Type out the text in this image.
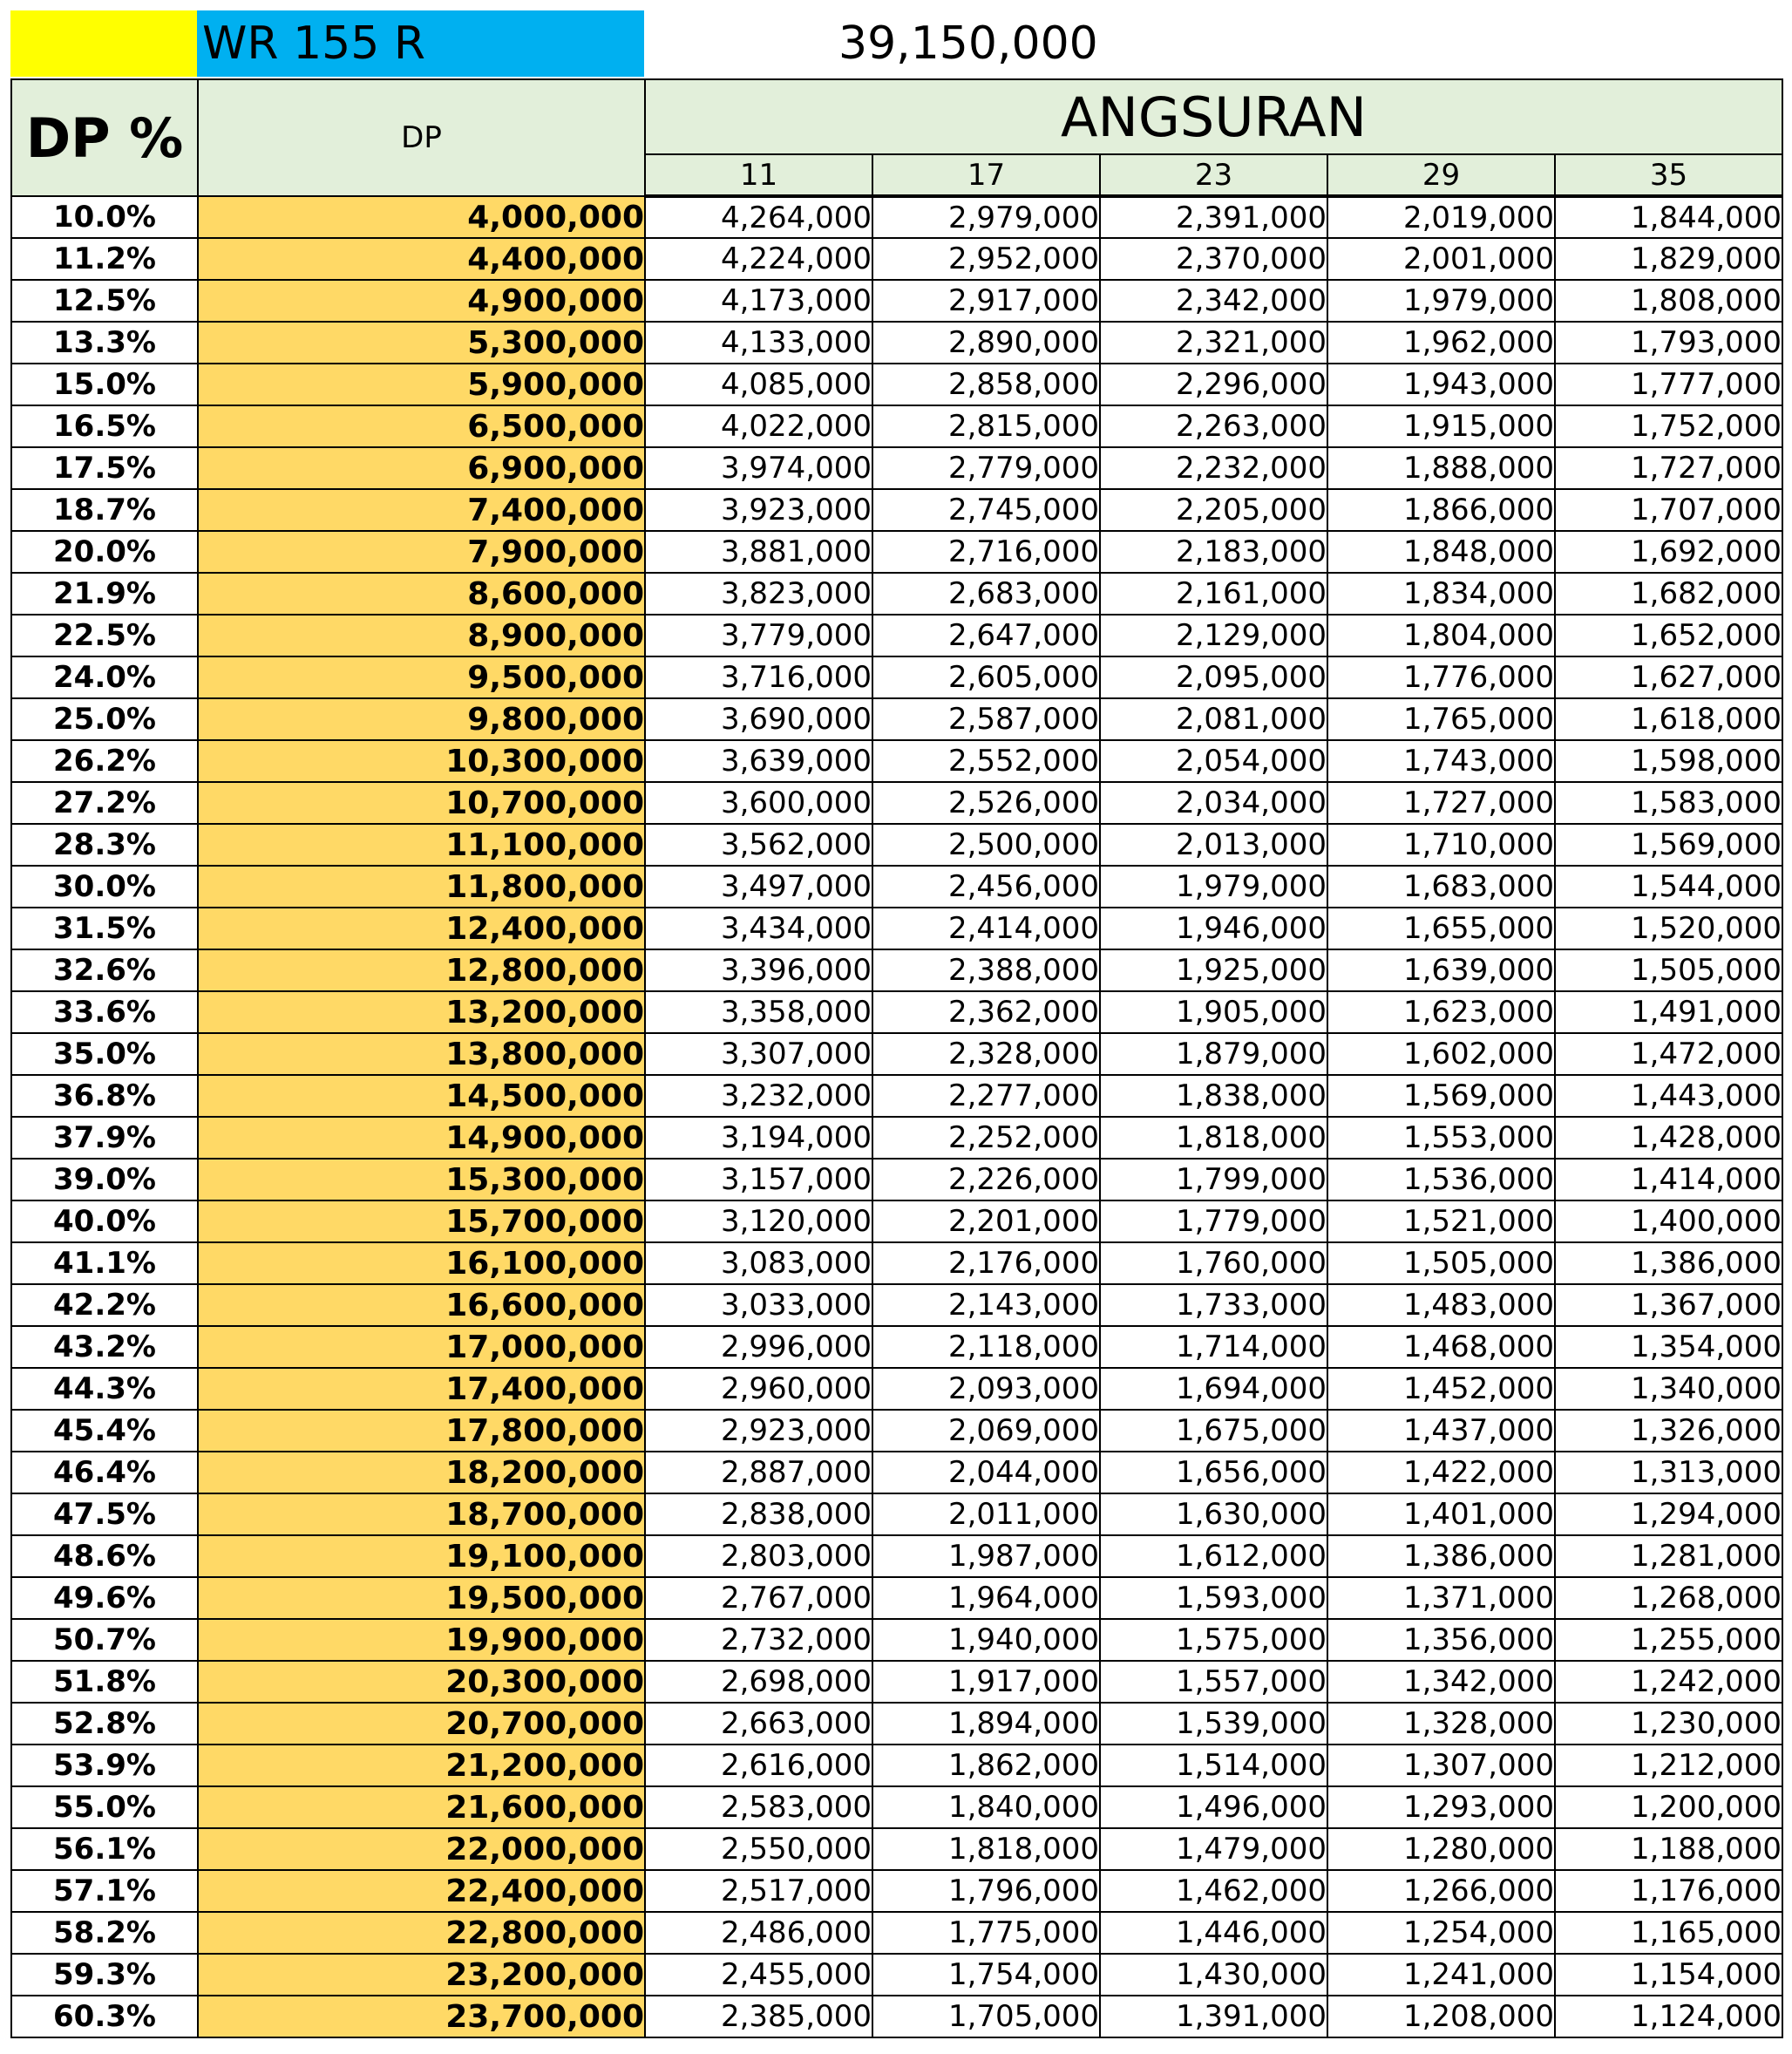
WR 155 R	39,150,000
DP %	DP	ANGSURAN				
		11	17	23	29	35
10.0%	4,000,000	4,264,000	2,979,000	2,391,000	2,019,000	1,844,000
11.2%	4,400,000	4,224,000	2,952,000	2,370,000	2,001,000	1,829,000
12.5%	4,900,000	4,173,000	2,917,000	2,342,000	1,979,000	1,808,000
13.3%	5,300,000	4,133,000	2,890,000	2,321,000	1,962,000	1,793,000
15.0%	5,900,000	4,085,000	2,858,000	2,296,000	1,943,000	1,777,000
16.5%	6,500,000	4,022,000	2,815,000	2,263,000	1,915,000	1,752,000
17.5%	6,900,000	3,974,000	2,779,000	2,232,000	1,888,000	1,727,000
18.7%	7,400,000	3,923,000	2,745,000	2,205,000	1,866,000	1,707,000
20.0%	7,900,000	3,881,000	2,716,000	2,183,000	1,848,000	1,692,000
21.9%	8,600,000	3,823,000	2,683,000	2,161,000	1,834,000	1,682,000
22.5%	8,900,000	3,779,000	2,647,000	2,129,000	1,804,000	1,652,000
24.0%	9,500,000	3,716,000	2,605,000	2,095,000	1,776,000	1,627,000
25.0%	9,800,000	3,690,000	2,587,000	2,081,000	1,765,000	1,618,000
26.2%	10,300,000	3,639,000	2,552,000	2,054,000	1,743,000	1,598,000
27.2%	10,700,000	3,600,000	2,526,000	2,034,000	1,727,000	1,583,000
28.3%	11,100,000	3,562,000	2,500,000	2,013,000	1,710,000	1,569,000
30.0%	11,800,000	3,497,000	2,456,000	1,979,000	1,683,000	1,544,000
31.5%	12,400,000	3,434,000	2,414,000	1,946,000	1,655,000	1,520,000
32.6%	12,800,000	3,396,000	2,388,000	1,925,000	1,639,000	1,505,000
33.6%	13,200,000	3,358,000	2,362,000	1,905,000	1,623,000	1,491,000
35.0%	13,800,000	3,307,000	2,328,000	1,879,000	1,602,000	1,472,000
36.8%	14,500,000	3,232,000	2,277,000	1,838,000	1,569,000	1,443,000
37.9%	14,900,000	3,194,000	2,252,000	1,818,000	1,553,000	1,428,000
39.0%	15,300,000	3,157,000	2,226,000	1,799,000	1,536,000	1,414,000
40.0%	15,700,000	3,120,000	2,201,000	1,779,000	1,521,000	1,400,000
41.1%	16,100,000	3,083,000	2,176,000	1,760,000	1,505,000	1,386,000
42.2%	16,600,000	3,033,000	2,143,000	1,733,000	1,483,000	1,367,000
43.2%	17,000,000	2,996,000	2,118,000	1,714,000	1,468,000	1,354,000
44.3%	17,400,000	2,960,000	2,093,000	1,694,000	1,452,000	1,340,000
45.4%	17,800,000	2,923,000	2,069,000	1,675,000	1,437,000	1,326,000
46.4%	18,200,000	2,887,000	2,044,000	1,656,000	1,422,000	1,313,000
47.5%	18,700,000	2,838,000	2,011,000	1,630,000	1,401,000	1,294,000
48.6%	19,100,000	2,803,000	1,987,000	1,612,000	1,386,000	1,281,000
49.6%	19,500,000	2,767,000	1,964,000	1,593,000	1,371,000	1,268,000
50.7%	19,900,000	2,732,000	1,940,000	1,575,000	1,356,000	1,255,000
51.8%	20,300,000	2,698,000	1,917,000	1,557,000	1,342,000	1,242,000
52.8%	20,700,000	2,663,000	1,894,000	1,539,000	1,328,000	1,230,000
53.9%	21,200,000	2,616,000	1,862,000	1,514,000	1,307,000	1,212,000
55.0%	21,600,000	2,583,000	1,840,000	1,496,000	1,293,000	1,200,000
56.1%	22,000,000	2,550,000	1,818,000	1,479,000	1,280,000	1,188,000
57.1%	22,400,000	2,517,000	1,796,000	1,462,000	1,266,000	1,176,000
58.2%	22,800,000	2,486,000	1,775,000	1,446,000	1,254,000	1,165,000
59.3%	23,200,000	2,455,000	1,754,000	1,430,000	1,241,000	1,154,000
60.3%	23,700,000	2,385,000	1,705,000	1,391,000	1,208,000	1,124,000
